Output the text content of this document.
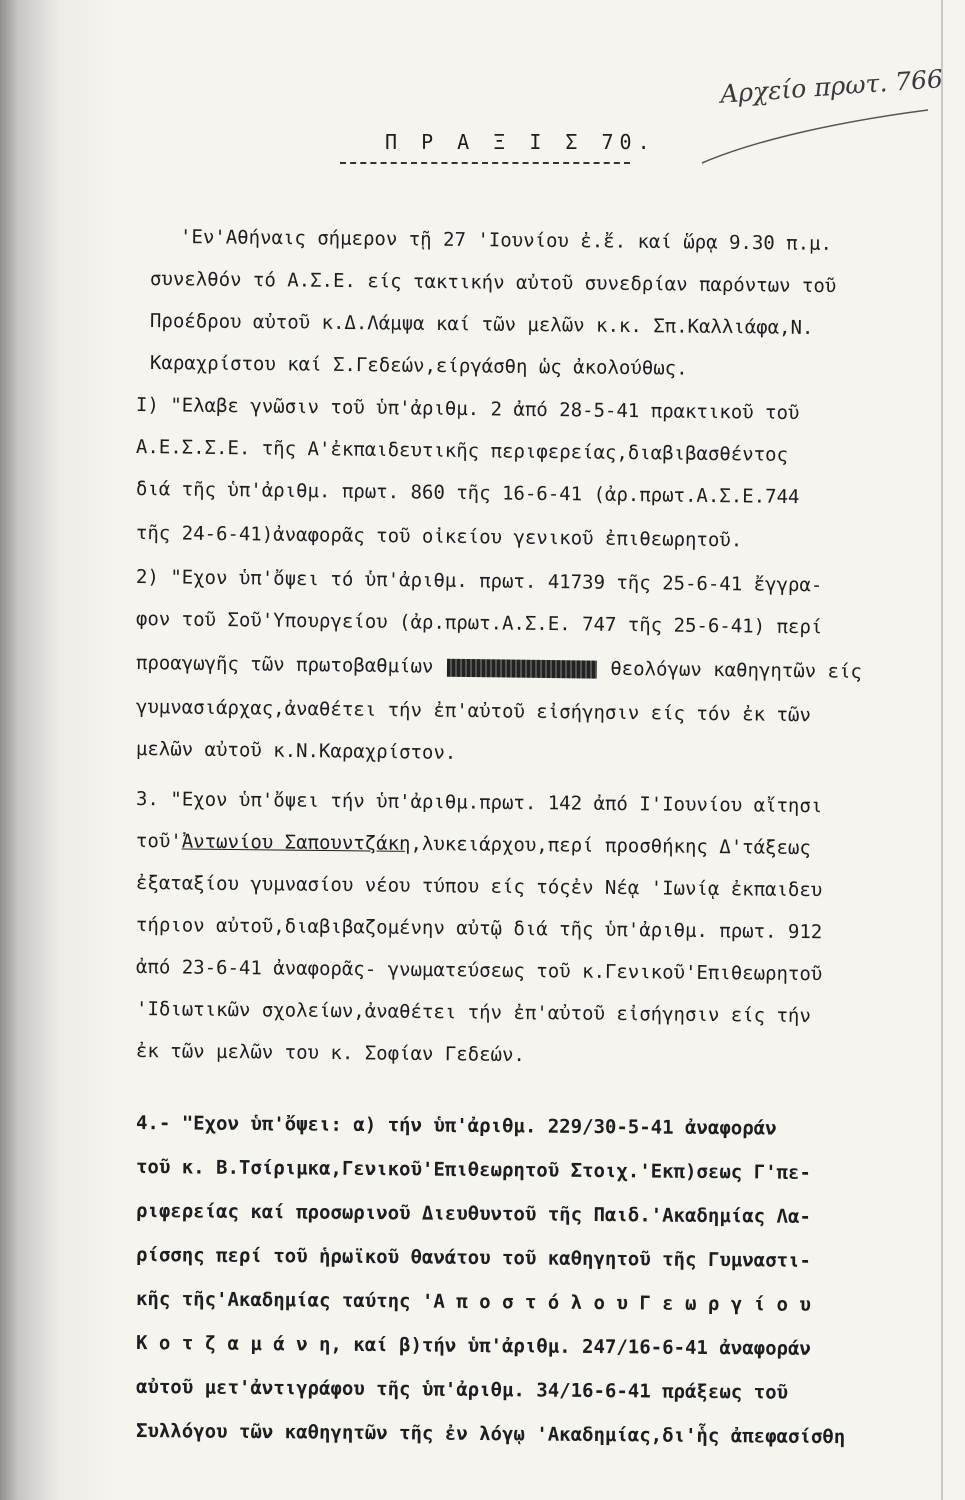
Αρχείο πρωτ. 766
Π Ρ Α Ξ Ι Σ 70.
'Εν'Αθήναις σήμερον τῇ 27 'Ιουνίου ἐ.ἔ. καί ὥρᾳ 9.30 π.μ.
συνελθόν τό Α.Σ.Ε. είς τακτικήν αὐτοῦ συνεδρίαν παρόντων τοῦ
Προέδρου αὐτοῦ κ.Δ.Λάμψα καί τῶν μελῶν κ.κ. Σπ.Καλλιάφα,Ν.
Καραχρίστου καί Σ.Γεδεών,είργάσθη ὡς ἀκολούθως.
I) "Ελαβε γνῶσιν τοῦ ὑπ'ἀριθμ. 2 ἀπό 28-5-41 πρακτικοῦ τοῦ
Α.Ε.Σ.Σ.Ε. τῆς Α'ἐκπαιδευτικῆς περιφερείας,διαβιβασθέντος
διά τῆς ὑπ'ἀριθμ. πρωτ. 860 τῆς 16-6-41 (ἀρ.πρωτ.Α.Σ.Ε.744
τῆς 24-6-41)ἀναφορᾶς τοῦ οἰκείου γενικοῦ ἐπιθεωρητοῦ.
2) "Εχον ὑπ'ὄψει τό ὑπ'ἀριθμ. πρωτ. 41739 τῆς 25-6-41 ἔγγρα-
φον τοῦ Σοῦ'Υπουργείου (ἀρ.πρωτ.Α.Σ.Ε. 747 τῆς 25-6-41) περί
προαγωγῆς τῶν πρωτοβαθμίων	θεολόγων καθηγητῶν είς
γυμνασιάρχας,ἀναθέτει τήν ἐπ'αὐτοῦ εἰσήγησιν είς τόν ἐκ τῶν
μελῶν αὐτοῦ κ.Ν.Καραχρίστον.
3. "Εχον ὑπ'ὄψει τήν ὑπ'ἀριθμ.πρωτ. 142 ἀπό I'Ιουνίου αἴτησι
τοῦ'Ἀντωνίου Σαπουντζάκη,λυκειάρχου,περί προσθήκης Δ'τάξεως
ἐξαταξίου γυμνασίου νέου τύπου είς τόςἐν Νέᾳ 'Ιωνίᾳ ἐκπαιδευ
τήριον αὐτοῦ,διαβιβαζομένην αὐτῷ διά τῆς ὑπ'ἀριθμ. πρωτ. 912
ἀπό 23-6-41 ἀναφορᾶς- γνωματεύσεως τοῦ κ.Γενικοῦ'Επιθεωρητοῦ
'Ιδιωτικῶν σχολείων,ἀναθέτει τήν ἐπ'αὐτοῦ εἰσήγησιν είς τήν
ἐκ τῶν μελῶν του κ. Σοφίαν Γεδεών.
4.- "Εχον ὑπ'ὄψει: α) τήν ὑπ'ἀριθμ. 229/30-5-41 ἀναφοράν
τοῦ κ. Β.Τσίριμκα,Γενικοῦ'Επιθεωρητοῦ Στοιχ.'Εκπ)σεως Γ'πε-
ριφερείας καί προσωρινοῦ Διευθυντοῦ τῆς Παιδ.'Ακαδημίας Λα-
ρίσσης περί τοῦ ἡρωϊκοῦ θανάτου τοῦ καθηγητοῦ τῆς Γυμναστι-
κῆς τῆς'Ακαδημίας ταύτης 'Α π ο σ τ ό λ ο υ Γ ε ω ρ γ ί ο υ
Κ ο τ ζ α μ ά ν η, καί β)τήν ὑπ'ἀριθμ. 247/16-6-41 ἀναφοράν
αὐτοῦ μετ'ἀντιγράφου τῆς ὑπ'ἀριθμ. 34/16-6-41 πράξεως τοῦ
Συλλόγου τῶν καθηγητῶν τῆς ἐν λόγῳ 'Ακαδημίας,δι'ἧς ἀπεφασίσθη
